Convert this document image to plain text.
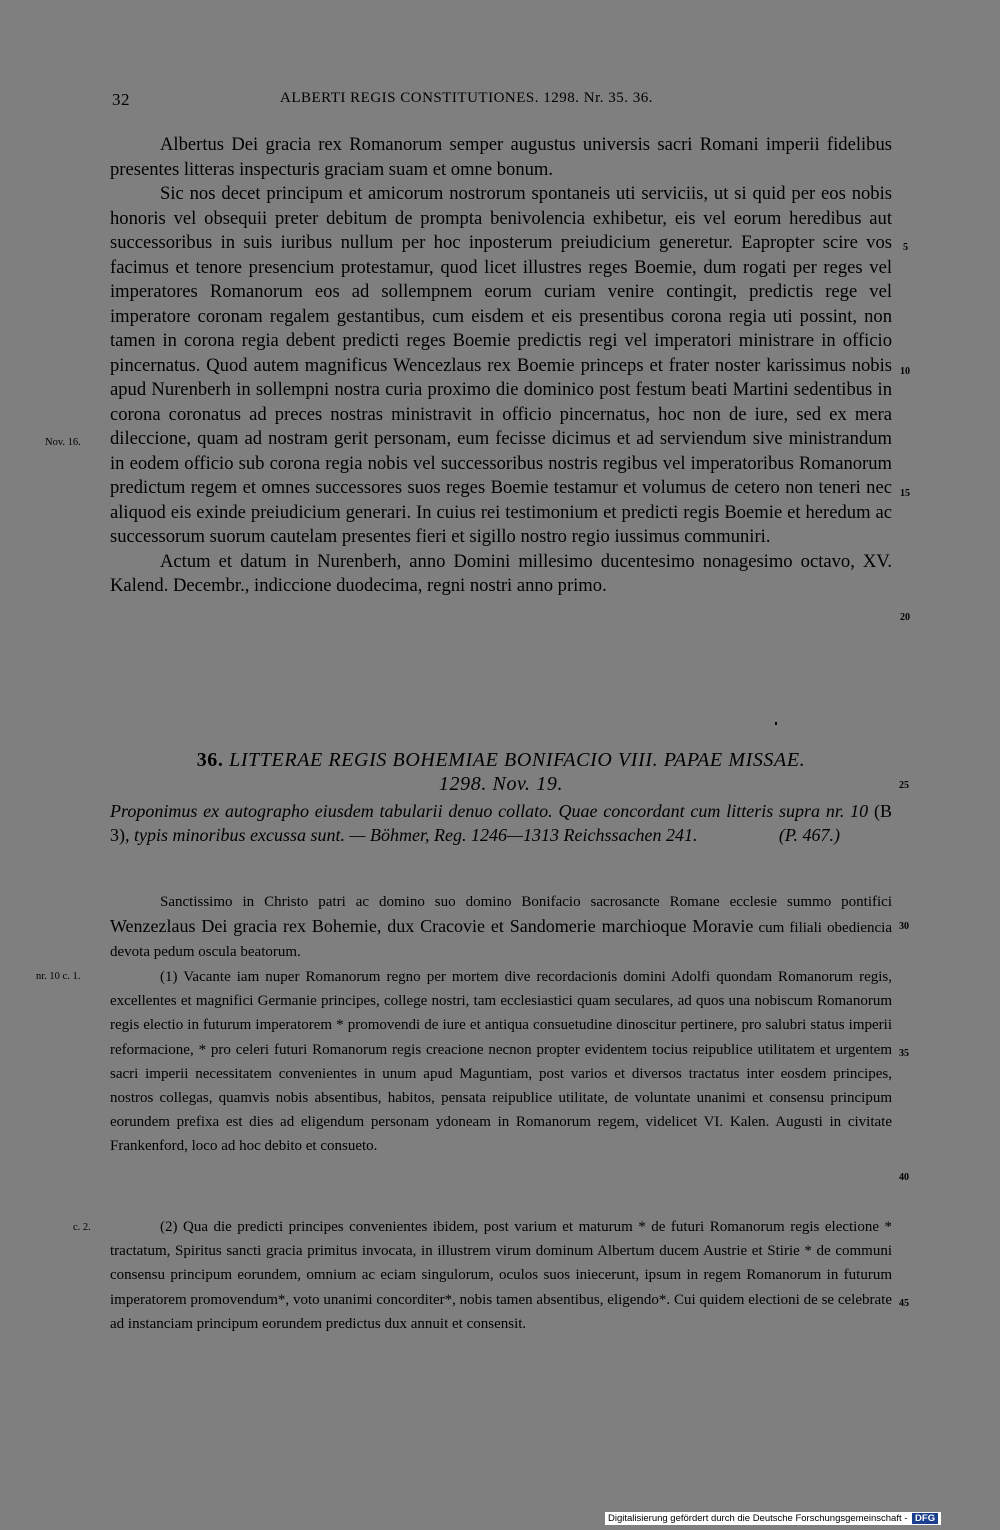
32	ALBERTI REGIS CONSTITUTIONES. 1298. Nr. 35. 36.

Albertus Dei gracia rex Romanorum semper augustus universis sacri Romani imperii fidelibus presentes litteras inspecturis graciam suam et omne bonum.

Sic nos decet principum et amicorum nostrorum spontaneis uti serviciis, ut si quid per eos nobis honoris vel obsequii preter debitum de prompta benivolencia exhibetur, eis vel eorum heredibus aut successoribus in suis iuribus nullum per hoc inposterum preiudicium generetur. Eapropter scire vos facimus et tenore presencium protestamur, quod licet illustres reges Boemie, dum rogati per reges vel imperatores Romanorum eos ad sollempnem eorum curiam venire contingit, predictis rege vel imperatore coronam regalem gestantibus, cum eisdem et eis presentibus corona regia uti possint, non tamen in corona regia debent predicti reges Boemie predictis regi vel imperatori ministrare in officio pincernatus. Quod autem magnificus Wencezlaus rex Boemie princeps et frater noster karissimus nobis apud Nurenberh in sollempni nostra curia proximo die dominico post festum beati Martini sedentibus in corona coronatus ad preces nostras ministravit in officio pincernatus, hoc non de iure, sed ex mera dileccione, quam ad nostram gerit personam, eum fecisse dicimus et ad serviendum sive ministrandum in eodem officio sub corona regia nobis vel successoribus nostris regibus vel imperatoribus Romanorum predictum regem et omnes successores suos reges Boemie testamur et volumus de cetero non teneri nec aliquod eis exinde preiudicium generari. In cuius rei testimonium et predicti regis Boemie et heredum ac successorum suorum cautelam presentes fieri et sigillo nostro regio iussimus communiri.

Actum et datum in Nurenberh, anno Domini millesimo ducentesimo nonagesimo octavo, XV. Kalend. Decembr., indiccione duodecima, regni nostri anno primo.

Nov. 16.
5
10
15
20
36. LITTERAE REGIS BOHEMIAE BONIFACIO VIII. PAPAE MISSAE.
1298. Nov. 19.	25
Proponimus ex autographo eiusdem tabularii denuo collato. Quae concordant cum litteris supra nr. 10 (B 3), typis minoribus excussa sunt. — Böhmer, Reg. 1246—1313 Reichssachen 241.	(P. 467.)

Sanctissimo in Christo patri ac domino suo domino Bonifacio sacrosancte Romane ecclesie summo pontifici Wenzezlaus Dei gracia rex Bohemie, dux Cracovie et Sandomerie marchioque Moravie cum filiali obediencia devota pedum oscula beatorum.

30

(1) Vacante iam nuper Romanorum regno per mortem dive recordacionis domini Adolfi quondam Romanorum regis, excellentes et magnifici Germanie principes, college nostri, tam ecclesiastici quam seculares, ad quos una nobiscum Romanorum regis electio in futurum imperatorem * promovendi de iure et antiqua consuetudine dinoscitur pertinere, pro salubri status imperii reformacione, * pro celeri futuri Romanorum regis creacione necnon propter evidentem tocius reipublice utilitatem et urgentem sacri imperii necessitatem convenientes in unum apud Maguntiam, post varios et diversos tractatus inter eosdem principes, nostros collegas, quamvis nobis absentibus, habitos, pensata reipublice utilitate, de voluntate unanimi et consensu principum eorundem prefixa est dies ad eligendum personam ydoneam in Romanorum regem, videlicet VI. Kalen. Augusti in civitate Frankenford, loco ad hoc debito et consueto.

nr. 10 c. 1.
35
40

(2) Qua die predicti principes convenientes ibidem, post varium et maturum * de futuri Romanorum regis electione * tractatum, Spiritus sancti gracia primitus invocata, in illustrem virum dominum Albertum ducem Austrie et Stirie * de communi consensu principum eorundem, omnium ac eciam singulorum, oculos suos iniecerunt, ipsum in regem Romanorum in futurum imperatorem promovendum*, voto unanimi concorditer*, nobis tamen absentibus, eligendo*. Cui quidem electioni de se celebrate ad instanciam principum eorundem predictus dux annuit et consensit.

c. 2.
45
Digitalisierung gefördert durch die Deutsche Forschungsgemeinschaft - DFG
